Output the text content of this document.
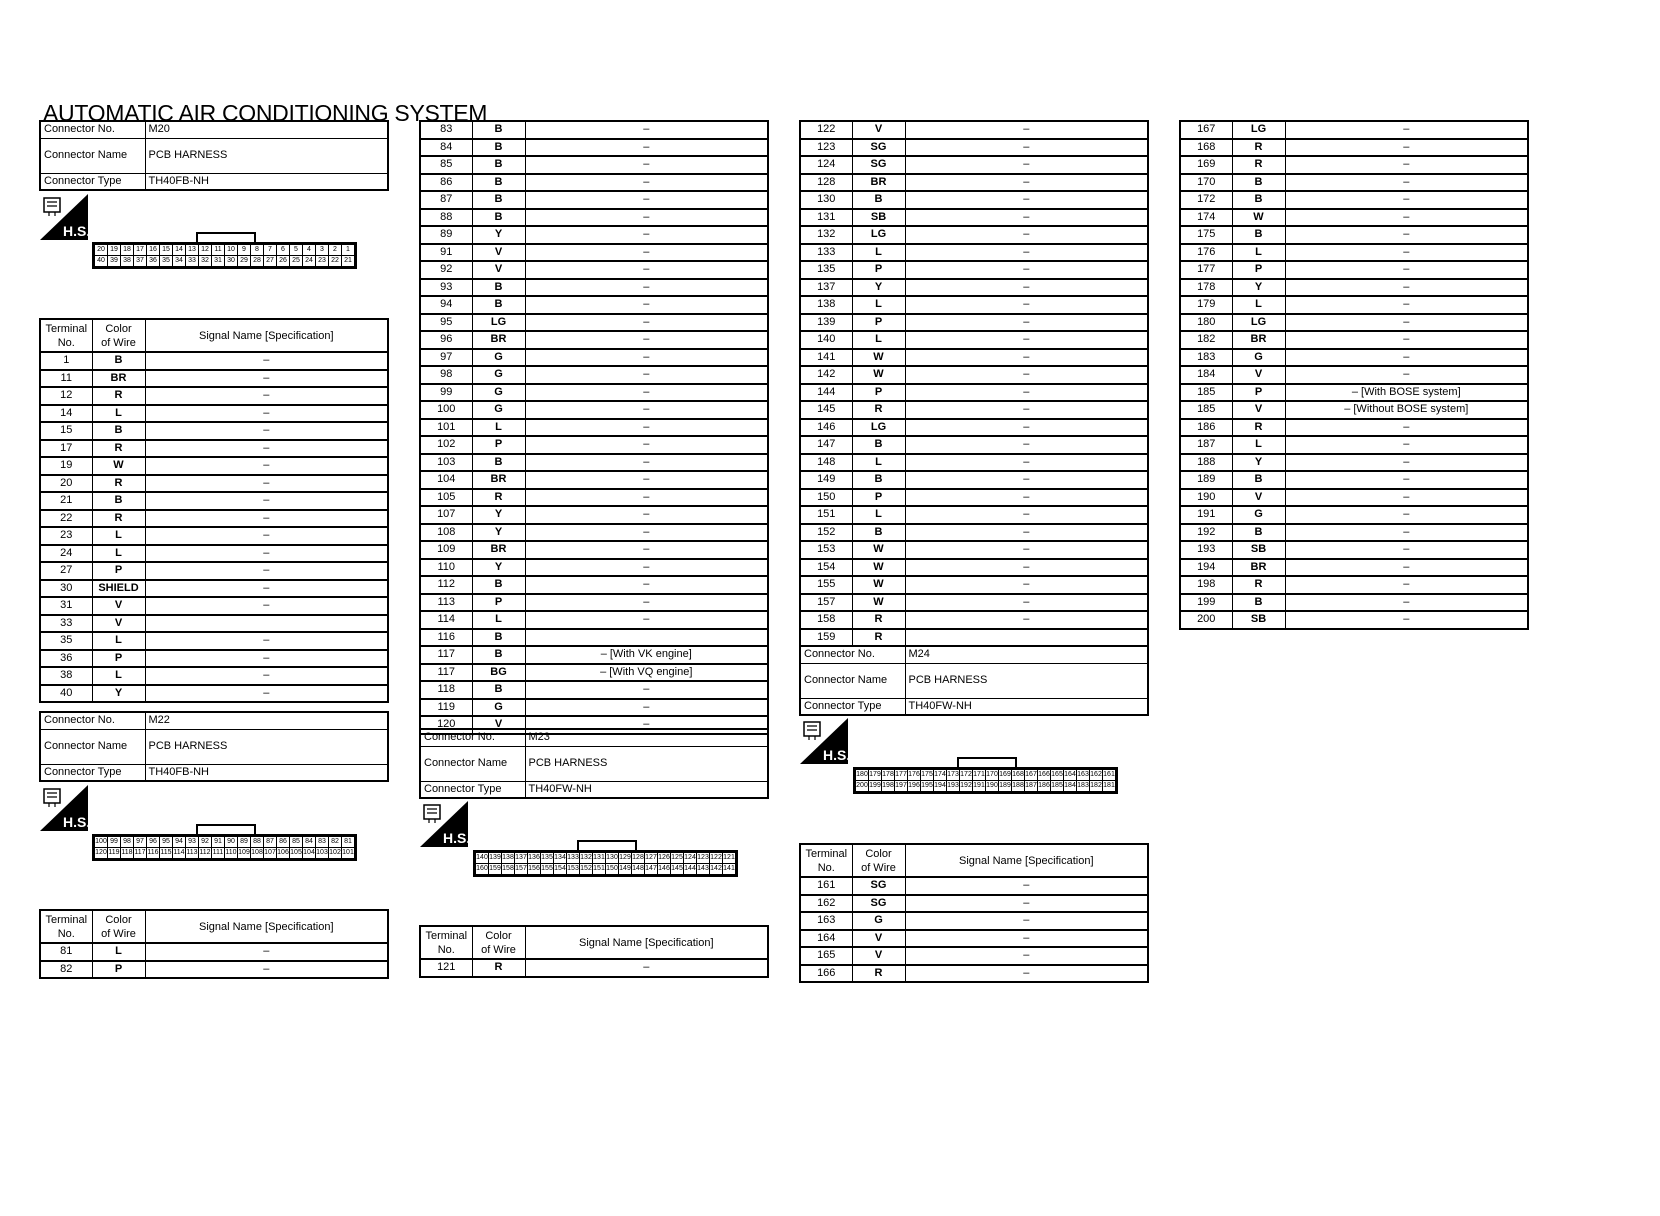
AUTOMATIC AIR CONDITIONING SYSTEM
Connector No.	M20
Connector Name	PCB HARNESS
Connector Type	TH40FB-NH
H.S.
20 19 18 17 16 15 14 13 12 11 10	9	8	7	6	5	4	3	2	1
40 39 38 37 36 35 34 33 32 31 30 29 28 27 26 25 24 23 22 21
Terminal
No.	Color
of Wire	Signal Name [Specification]
1	B	–
11	BR	–
12	R	–
14	L	–
15	B	–
17	R	–
19	W	–
20	R	–
21	B	–
22	R	–
23	L	–
24	L	–
27	P	–
30	SHIELD	–
31	V	–
33	V	
35	L	–
36	P	–
38	L	–
40	Y	–
Connector No.	M22
Connector Name	PCB HARNESS
Connector Type	TH40FB-NH
H.S.
100 99 98 97 96 95 94 93 92 91 90 89 88 87 86 85 84 83 82 81
120 119 118 117 116 115 114 113 112 111 110 109 108 107 106 105 104 103 102 101
Terminal
No.	Color
of Wire	Signal Name [Specification]
81	L	–
82	P	–
83	B	–
84	B	–
85	B	–
86	B	–
87	B	–
88	B	–
89	Y	–
91	V	–
92	V	–
93	B	–
94	B	–
95	LG	–
96	BR	–
97	G	–
98	G	–
99	G	–
100	G	–
101	L	–
102	P	–
103	B	–
104	BR	–
105	R	–
107	Y	–
108	Y	–
109	BR	–
110	Y	–
112	B	–
113	P	–
114	L	–
116	B	
117	B	– [With VK engine]
117	BG	– [With VQ engine]
118	B	–
119	G	–
120	V	–
Connector No.	M23
Connector Name	PCB HARNESS
Connector Type	TH40FW-NH
H.S.
140 139 138 137 136 135 134 133 132 131 130 129 128 127 126 125 124 123 122 121
160 159 158 157 156 155 154 153 152 151 150 149 148 147 146 145 144 143 142 141
Terminal
No.	Color
of Wire	Signal Name [Specification]
121	R	–
122	V	–
123	SG	–
124	SG	–
128	BR	–
130	B	–
131	SB	–
132	LG	–
133	L	–
135	P	–
137	Y	–
138	L	–
139	P	–
140	L	–
141	W	–
142	W	–
144	P	–
145	R	–
146	LG	–
147	B	–
148	L	–
149	B	–
150	P	–
151	L	–
152	B	–
153	W	–
154	W	–
155	W	–
157	W	–
158	R	–
159	R	
Connector No.	M24
Connector Name	PCB HARNESS
Connector Type	TH40FW-NH
H.S.
180 179 178 177 176 175 174 173 172 171 170 169 168 167 166 165 164 163 162 161
200 199 198 197 196 195 194 193 192 191 190 189 188 187 186 185 184 183 182 181
Terminal
No.	Color
of Wire	Signal Name [Specification]
161	SG	–
162	SG	–
163	G	–
164	V	–
165	V	–
166	R	–
167	LG	–
168	R	–
169	R	–
170	B	–
172	B	–
174	W	–
175	B	–
176	L	–
177	P	–
178	Y	–
179	L	–
180	LG	–
182	BR	–
183	G	–
184	V	–
185	P	– [With BOSE system]
185	V	– [Without BOSE system]
186	R	–
187	L	–
188	Y	–
189	B	–
190	V	–
191	G	–
192	B	–
193	SB	–
194	BR	–
198	R	–
199	B	–
200	SB	–
